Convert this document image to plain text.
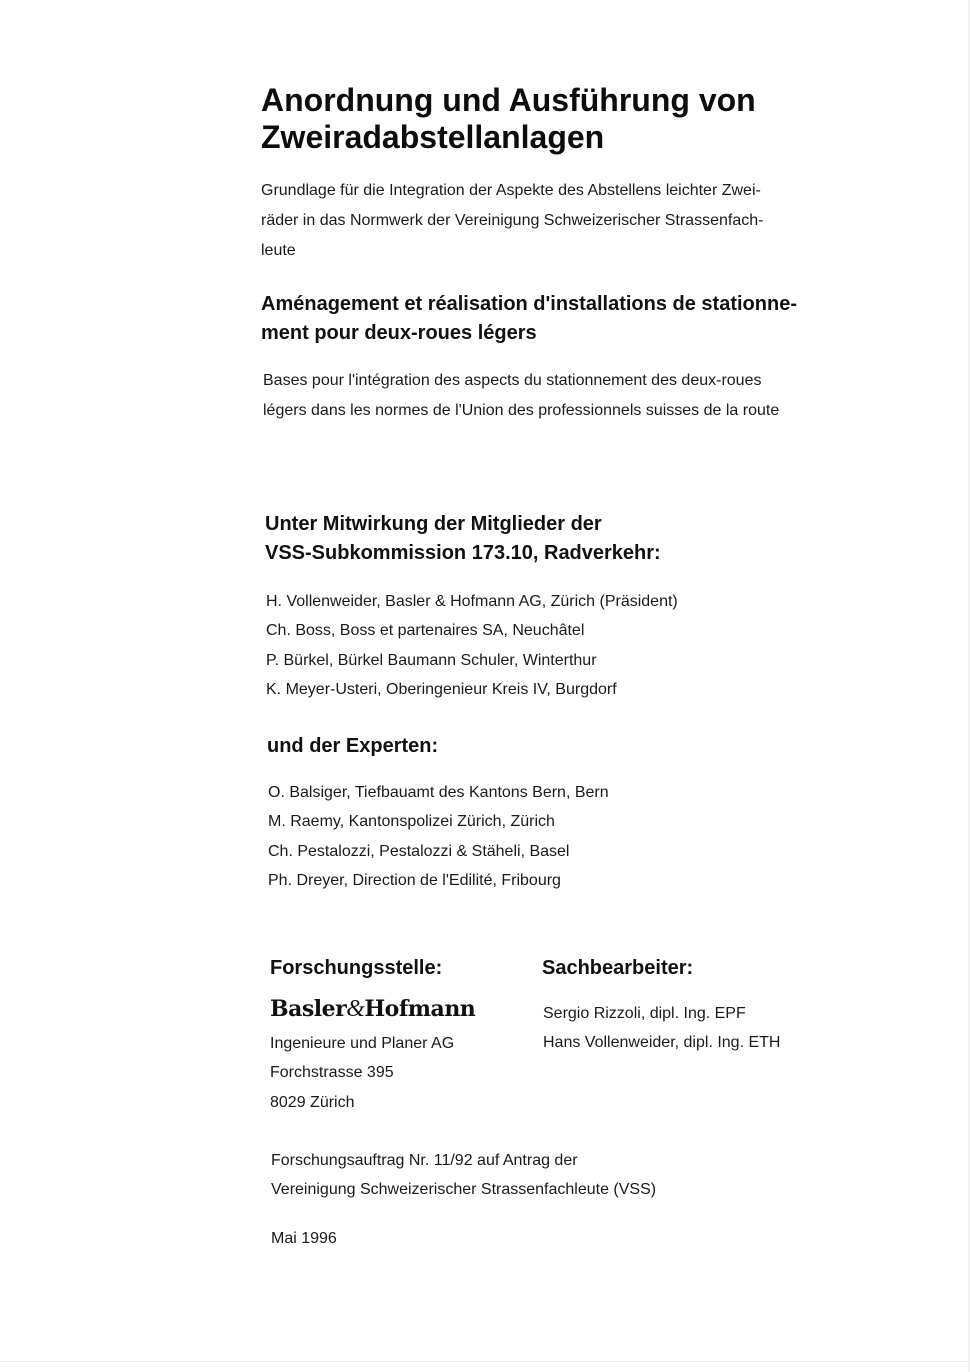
Anordnung und Ausführung von
Zweiradabstellanlagen
Grundlage für die Integration der Aspekte des Abstellens leichter Zwei-
räder in das Normwerk der Vereinigung Schweizerischer Strassenfach-
leute
Aménagement et réalisation d'installations de stationne-
ment pour deux-roues légers
Bases pour l'intégration des aspects du stationnement des deux-roues
légers dans les normes de l'Union des professionnels suisses de la route
Unter Mitwirkung der Mitglieder der
VSS-Subkommission 173.10, Radverkehr:
H. Vollenweider, Basler & Hofmann AG, Zürich (Präsident)
Ch. Boss, Boss et partenaires SA, Neuchâtel
P. Bürkel, Bürkel Baumann Schuler, Winterthur
K. Meyer-Usteri, Oberingenieur Kreis IV, Burgdorf
und der Experten:
O. Balsiger, Tiefbauamt des Kantons Bern, Bern
M. Raemy, Kantonspolizei Zürich, Zürich
Ch. Pestalozzi, Pestalozzi & Stäheli, Basel
Ph. Dreyer, Direction de l'Edilité, Fribourg
Forschungsstelle:
Basler&Hofmann
Ingenieure und Planer AG
Forchstrasse 395
8029 Zürich
Sachbearbeiter:
Sergio Rizzoli, dipl. Ing. EPF
Hans Vollenweider, dipl. Ing. ETH
Forschungsauftrag Nr. 11/92 auf Antrag der
Vereinigung Schweizerischer Strassenfachleute (VSS)
Mai 1996
